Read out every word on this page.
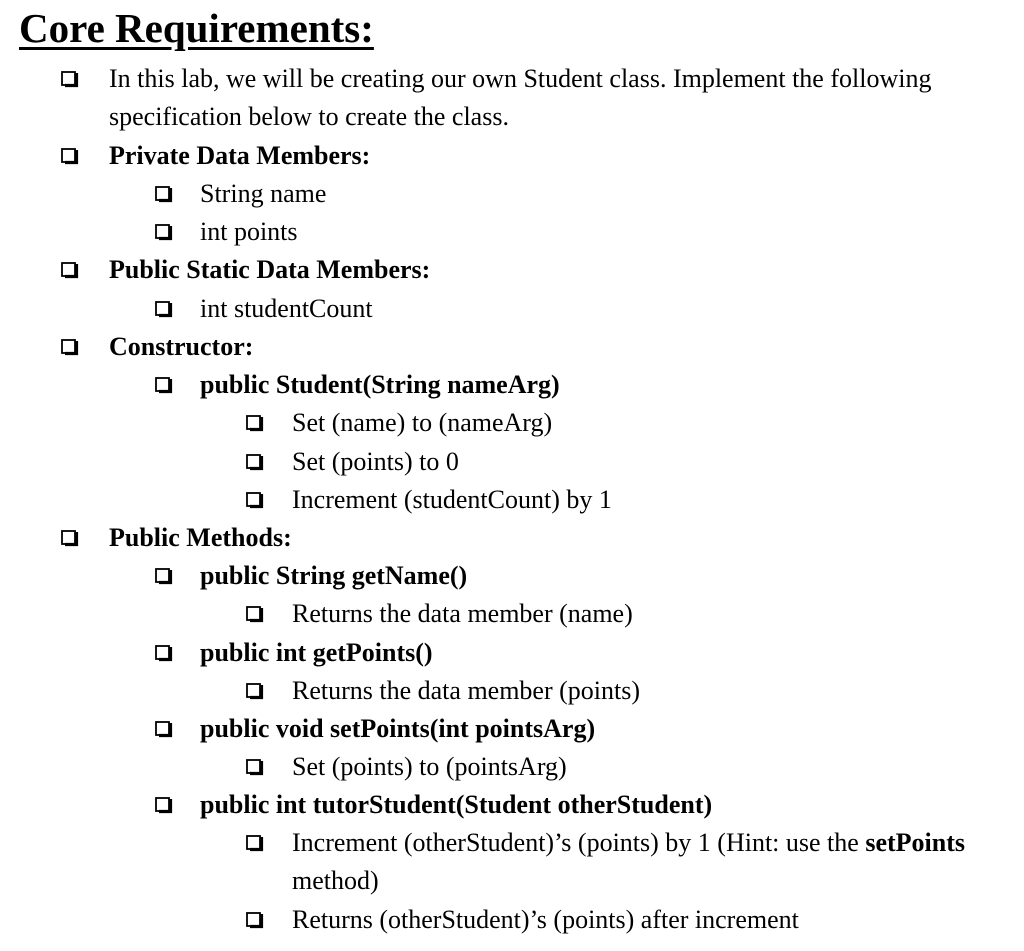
Core Requirements:
In this lab, we will be creating our own Student class. Implement the following
specification below to create the class.
Private Data Members:
String name
int points
Public Static Data Members:
int studentCount
Constructor:
public Student(String nameArg)
Set (name) to (nameArg)
Set (points) to 0
Increment (studentCount) by 1
Public Methods:
public String getName()
Returns the data member (name)
public int getPoints()
Returns the data member (points)
public void setPoints(int pointsArg)
Set (points) to (pointsArg)
public int tutorStudent(Student otherStudent)
Increment (otherStudent)’s (points) by 1 (Hint: use the setPoints
method)
Returns (otherStudent)’s (points) after increment
